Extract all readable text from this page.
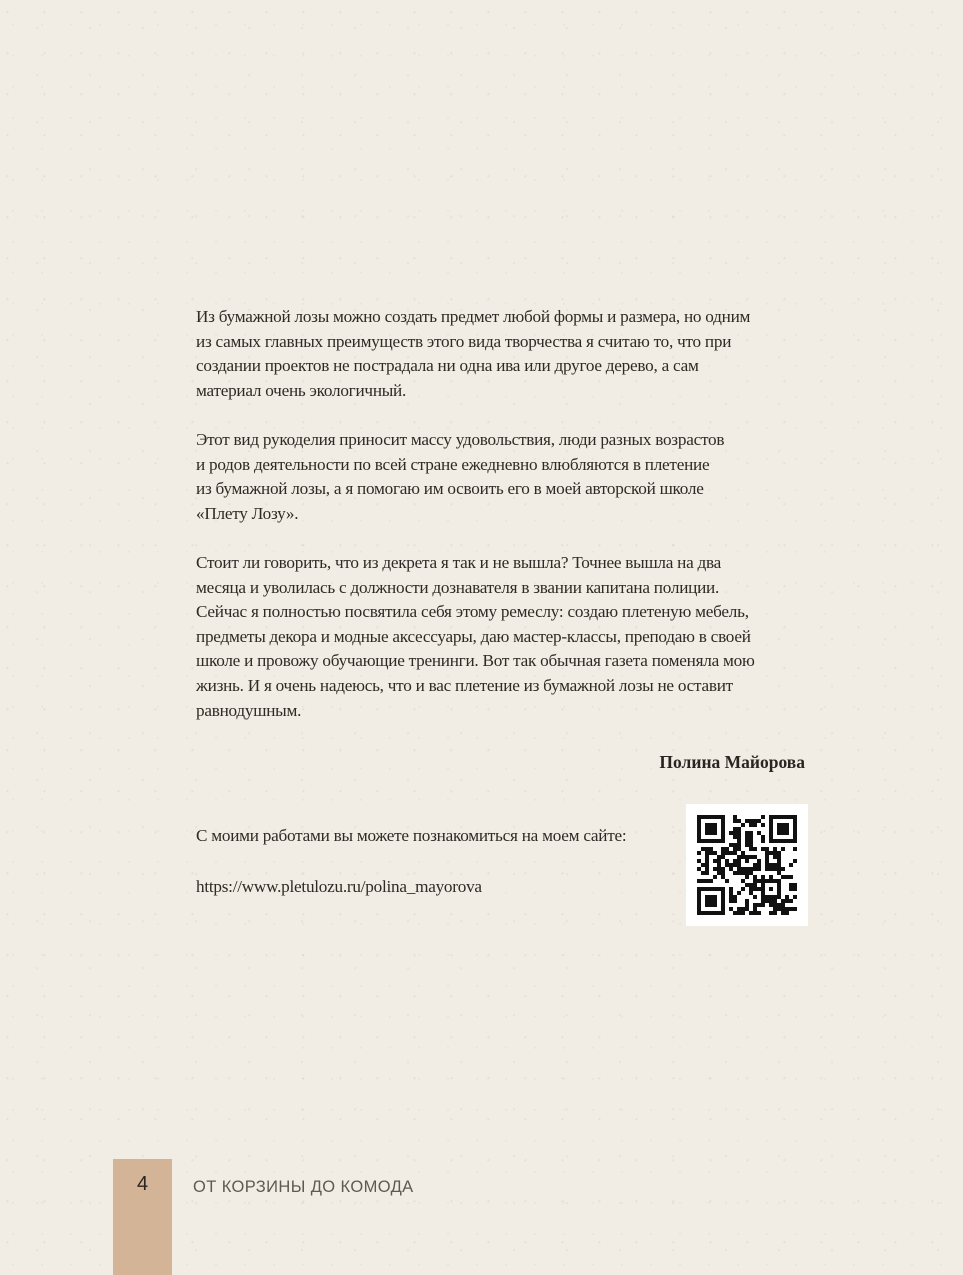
Из бумажной лозы можно создать предмет любой формы и размера, но одним
из самых главных преимуществ этого вида творчества я считаю то, что при
создании проектов не пострадала ни одна ива или другое дерево, а сам
материал очень экологичный.

Этот вид рукоделия приносит массу удовольствия, люди разных возрастов
и родов деятельности по всей стране ежедневно влюбляются в плетение
из бумажной лозы, а я помогаю им освоить его в моей авторской школе
«Плету Лозу».

Стоит ли говорить, что из декрета я так и не вышла? Точнее вышла на два
месяца и уволилась с должности дознавателя в звании капитана полиции.
Сейчас я полностью посвятила себя этому ремеслу: создаю плетеную мебель,
предметы декора и модные аксессуары, даю мастер-классы, преподаю в своей
школе и провожу обучающие тренинги. Вот так обычная газета поменяла мою
жизнь. И я очень надеюсь, что и вас плетение из бумажной лозы не оставит
равнодушным.

Полина Майорова
С моими работами вы можете познакомиться на моем сайте:
https://www.pletulozu.ru/polina_mayorova
4	ОТ КОРЗИНЫ ДО КОМОДА
